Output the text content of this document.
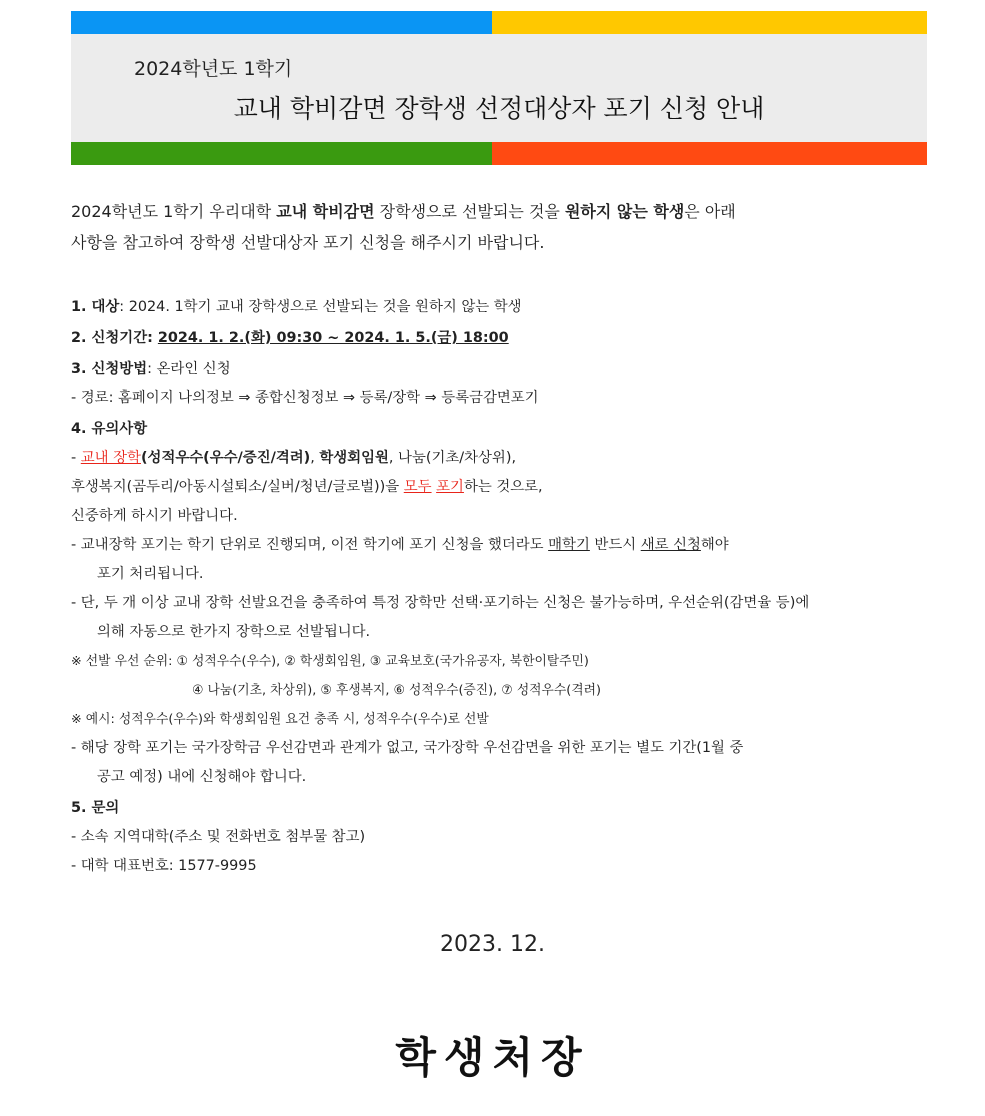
2024학년도 1학기
교내 학비감면 장학생 선정대상자 포기 신청 안내
2024학년도 1학기 우리대학 교내 학비감면 장학생으로 선발되는 것을 원하지 않는 학생은 아래
사항을 참고하여 장학생 선발대상자 포기 신청을 해주시기 바랍니다.
1. 대상: 2024. 1학기 교내 장학생으로 선발되는 것을 원하지 않는 학생
2. 신청기간: 2024. 1. 2.(화) 09:30 ~ 2024. 1. 5.(금) 18:00
3. 신청방법: 온라인 신청
- 경로: 홈페이지 나의정보 ⇒ 종합신청정보 ⇒ 등록/장학 ⇒ 등록금감면포기
4. 유의사항
- 교내 장학(성적우수(우수/증진/격려), 학생회임원, 나눔(기초/차상위),
후생복지(곰두리/아동시설퇴소/실버/청년/글로벌))을 모두 포기하는 것으로,
신중하게 하시기 바랍니다.
- 교내장학 포기는 학기 단위로 진행되며, 이전 학기에 포기 신청을 했더라도 매학기 반드시 새로 신청해야
포기 처리됩니다.
- 단, 두 개 이상 교내 장학 선발요건을 충족하여 특정 장학만 선택·포기하는 신청은 불가능하며, 우선순위(감면율 등)에
의해 자동으로 한가지 장학으로 선발됩니다.
※ 선발 우선 순위: ① 성적우수(우수), ② 학생회임원, ③ 교육보호(국가유공자, 북한이탈주민)
④ 나눔(기초, 차상위), ⑤ 후생복지, ⑥ 성적우수(증진), ⑦ 성적우수(격려)
※ 예시: 성적우수(우수)와 학생회임원 요건 충족 시, 성적우수(우수)로 선발
- 해당 장학 포기는 국가장학금 우선감면과 관계가 없고, 국가장학 우선감면을 위한 포기는 별도 기간(1월 중
공고 예정) 내에 신청해야 합니다.
5. 문의
- 소속 지역대학(주소 및 전화번호 첨부물 참고)
- 대학 대표번호: 1577-9995
2023. 12.
학생처장
